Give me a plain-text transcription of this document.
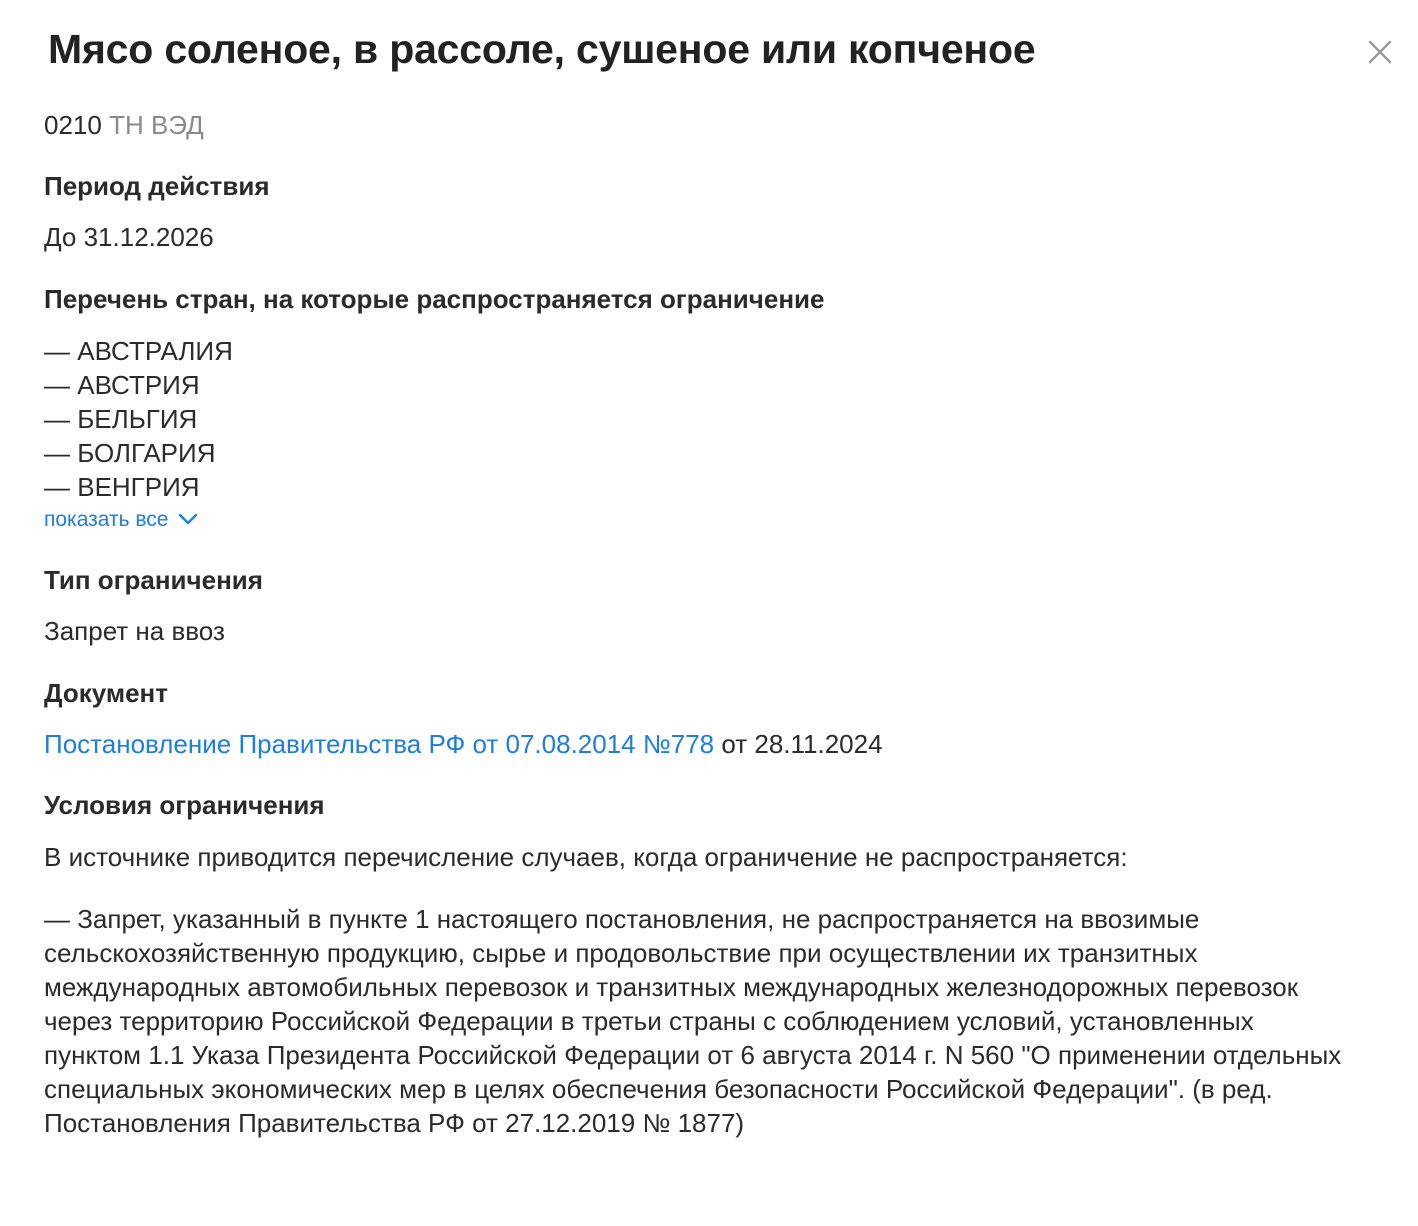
Мясо соленое, в рассоле, сушеное или копченое
0210 ТН ВЭД
Период действия
До 31.12.2026
Перечень стран, на которые распространяется ограничение
— АВСТРАЛИЯ
— АВСТРИЯ
— БЕЛЬГИЯ
— БОЛГАРИЯ
— ВЕНГРИЯ
показать все
Тип ограничения
Запрет на ввоз
Документ
Постановление Правительства РФ от 07.08.2014 №778 от 28.11.2024
Условия ограничения

В источнике приводится перечисление случаев, когда ограничение не распространяется:

— Запрет, указанный в пункте 1 настоящего постановления, не распространяется на ввозимые сельскохозяйственную продукцию, сырье и продовольствие при осуществлении их транзитных международных автомобильных перевозок и транзитных международных железнодорожных перевозок через территорию Российской Федерации в третьи страны с соблюдением условий, установленных пунктом 1.1 Указа Президента Российской Федерации от 6 августа 2014 г. N 560 "О применении отдельных специальных экономических мер в целях обеспечения безопасности Российской Федерации". (в ред. Постановления Правительства РФ от 27.12.2019 № 1877)
